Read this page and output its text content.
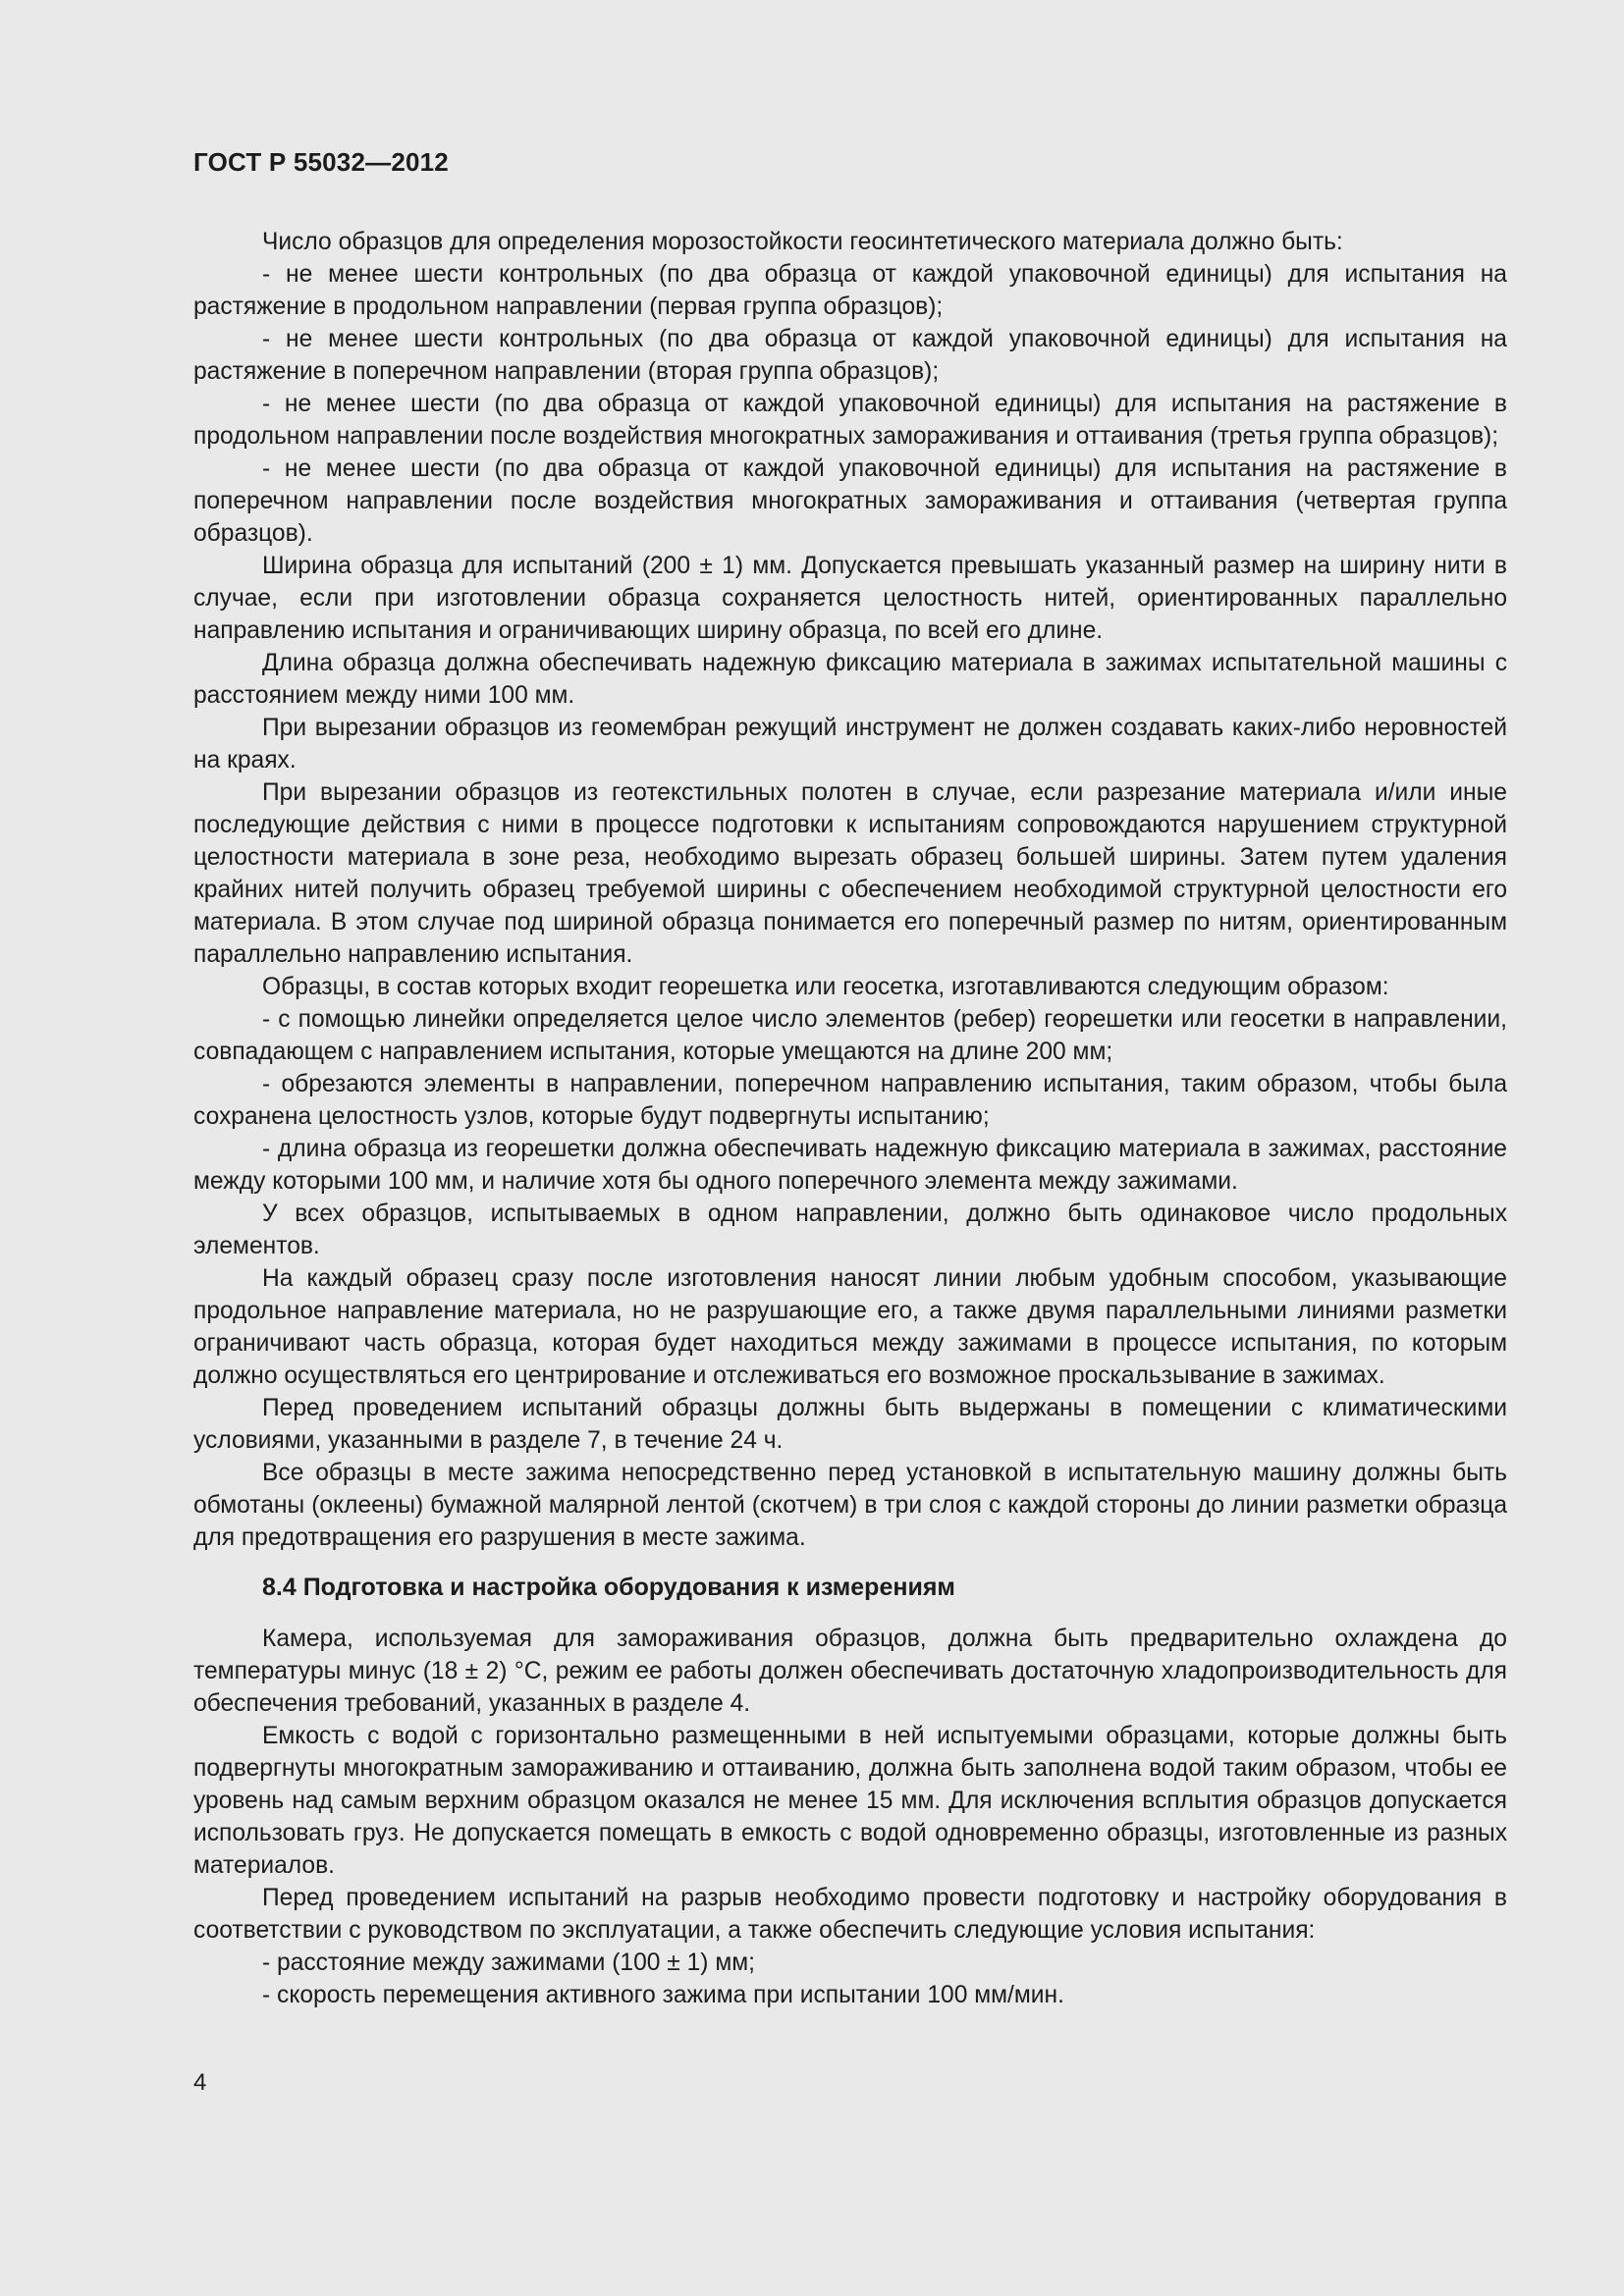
ГОСТ Р 55032—2012

Число образцов для определения морозостойкости геосинтетического материала должно быть:

- не менее шести контрольных (по два образца от каждой упаковочной единицы) для испытания на растяжение в продольном направлении (первая группа образцов);

- не менее шести контрольных (по два образца от каждой упаковочной единицы) для испытания на растяжение в поперечном направлении (вторая группа образцов);

- не менее шести (по два образца от каждой упаковочной единицы) для испытания на растяжение в продольном направлении после воздействия многократных замораживания и оттаивания (третья группа образцов);

- не менее шести (по два образца от каждой упаковочной единицы) для испытания на растяжение в поперечном направлении после воздействия многократных замораживания и оттаивания (четвертая группа образцов).

Ширина образца для испытаний (200 ± 1) мм. Допускается превышать указанный размер на ширину нити в случае, если при изготовлении образца сохраняется целостность нитей, ориентированных параллельно направлению испытания и ограничивающих ширину образца, по всей его длине.

Длина образца должна обеспечивать надежную фиксацию материала в зажимах испытательной машины с расстоянием между ними 100 мм.

При вырезании образцов из геомембран режущий инструмент не должен создавать каких-либо неровностей на краях.

При вырезании образцов из геотекстильных полотен в случае, если разрезание материала и/или иные последующие действия с ними в процессе подготовки к испытаниям сопровождаются нарушением структурной целостности материала в зоне реза, необходимо вырезать образец большей ширины. Затем путем удаления крайних нитей получить образец требуемой ширины с обеспечением необходимой структурной целостности его материала. В этом случае под шириной образца понимается его поперечный размер по нитям, ориентированным параллельно направлению испытания.

Образцы, в состав которых входит георешетка или геосетка, изготавливаются следующим образом:

- с помощью линейки определяется целое число элементов (ребер) георешетки или геосетки в направлении, совпадающем с направлением испытания, которые умещаются на длине 200 мм;

- обрезаются элементы в направлении, поперечном направлению испытания, таким образом, чтобы была сохранена целостность узлов, которые будут подвергнуты испытанию;

- длина образца из георешетки должна обеспечивать надежную фиксацию материала в зажимах, расстояние между которыми 100 мм, и наличие хотя бы одного поперечного элемента между зажимами.

У всех образцов, испытываемых в одном направлении, должно быть одинаковое число продольных элементов.

На каждый образец сразу после изготовления наносят линии любым удобным способом, указывающие продольное направление материала, но не разрушающие его, а также двумя параллельными линиями разметки ограничивают часть образца, которая будет находиться между зажимами в процессе испытания, по которым должно осуществляться его центрирование и отслеживаться его возможное проскальзывание в зажимах.

Перед проведением испытаний образцы должны быть выдержаны в помещении с климатическими условиями, указанными в разделе 7, в течение 24 ч.

Все образцы в месте зажима непосредственно перед установкой в испытательную машину должны быть обмотаны (оклеены) бумажной малярной лентой (скотчем) в три слоя с каждой стороны до линии разметки образца для предотвращения его разрушения в месте зажима.

8.4 Подготовка и настройка оборудования к измерениям

Камера, используемая для замораживания образцов, должна быть предварительно охлаждена до температуры минус (18 ± 2) °С, режим ее работы должен обеспечивать достаточную хладопроизводительность для обеспечения требований, указанных в разделе 4.

Емкость с водой с горизонтально размещенными в ней испытуемыми образцами, которые должны быть подвергнуты многократным замораживанию и оттаиванию, должна быть заполнена водой таким образом, чтобы ее уровень над самым верхним образцом оказался не менее 15 мм. Для исключения всплытия образцов допускается использовать груз. Не допускается помещать в емкость с водой одновременно образцы, изготовленные из разных материалов.

Перед проведением испытаний на разрыв необходимо провести подготовку и настройку оборудования в соответствии с руководством по эксплуатации, а также обеспечить следующие условия испытания:

- расстояние между зажимами (100 ± 1) мм;

- скорость перемещения активного зажима при испытании 100 мм/мин.

4
